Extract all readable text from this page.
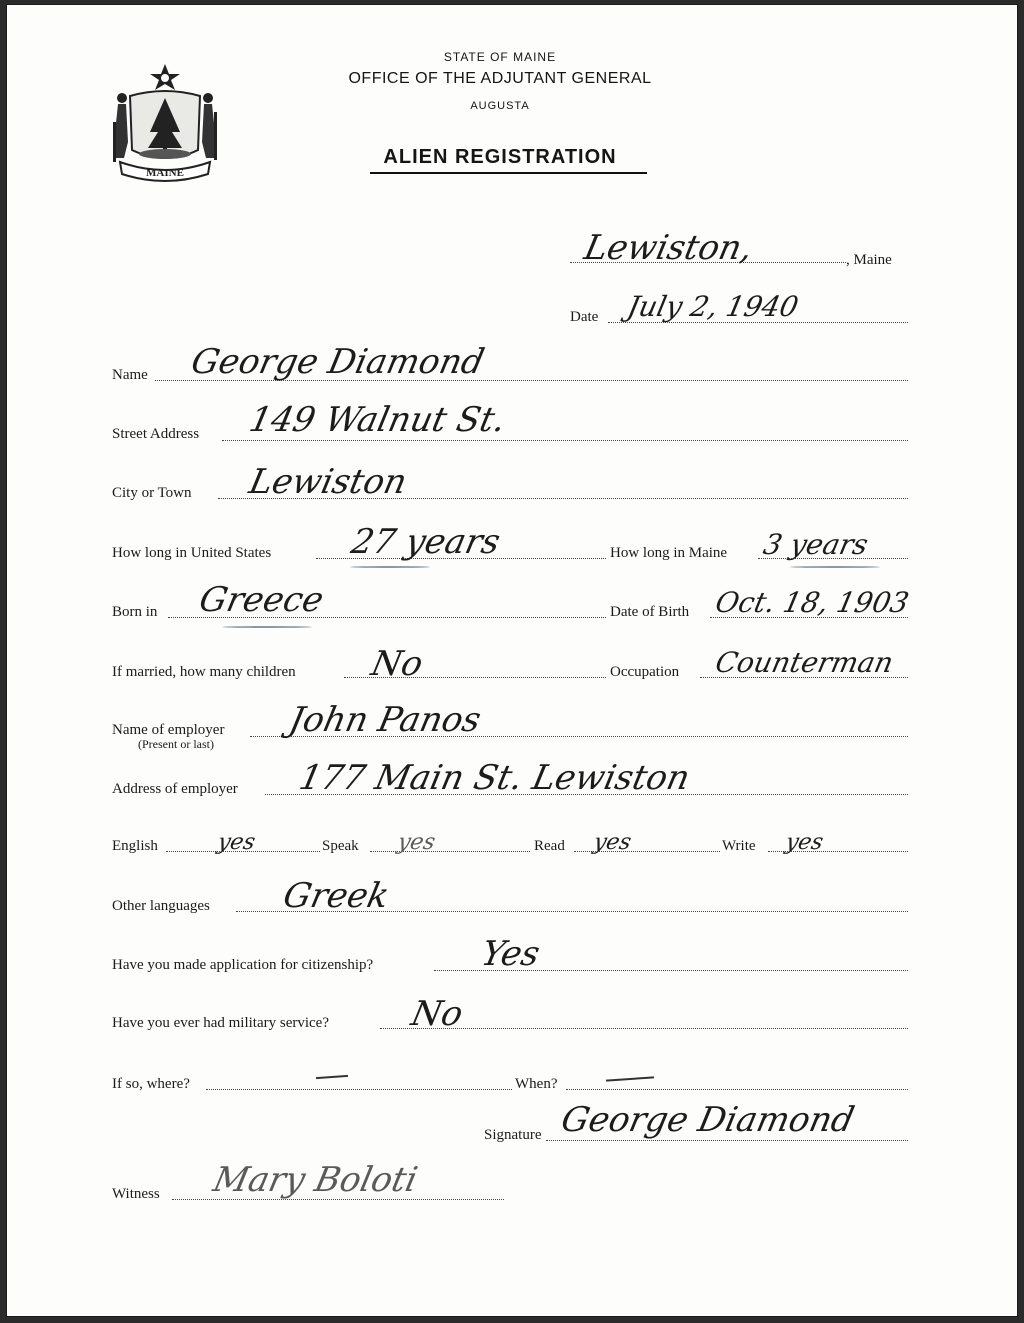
MAINE
STATE OF MAINE
OFFICE OF THE ADJUTANT GENERAL
AUGUSTA
ALIEN REGISTRATION
Lewiston,	, Maine
Date July 2, 1940
Name George Diamond
Street Address 149 Walnut St.
City or Town Lewiston
How long in United States 27 years	How long in Maine 3 years
Born in Greece	Date of Birth Oct. 18, 1903
If married, how many children No	Occupation Counterman
Name of employer
(Present or last)
John Panos
Address of employer 177 Main St. Lewiston
English	yes	Speak yes	Read yes	Write yes
Other languages Greek
Have you made application for citizenship?	Yes
Have you ever had military service? No
If so, where?	When?
Signature George Diamond
Witness Mary Boloti
